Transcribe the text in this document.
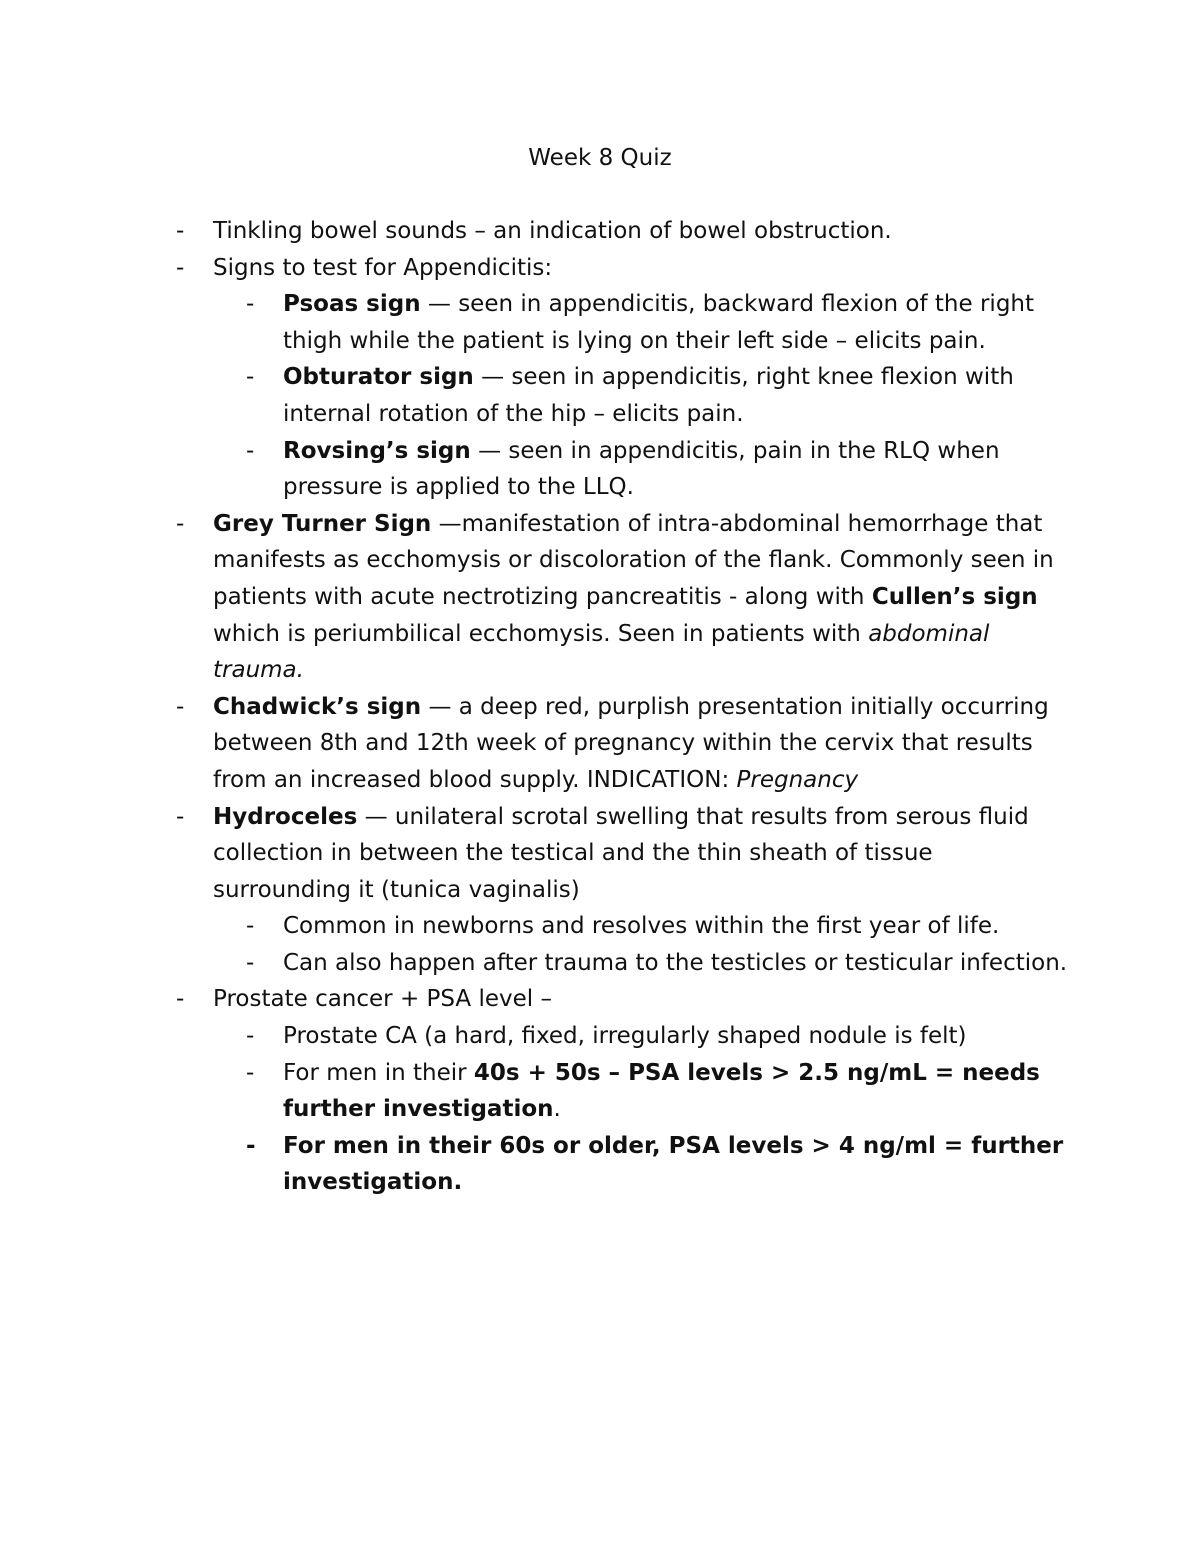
Week 8 Quiz
- Tinkling bowel sounds – an indication of bowel obstruction.
- Signs to test for Appendicitis:
- Psoas sign — seen in appendicitis, backward flexion of the right thigh while the patient is lying on their left side – elicits pain.
- Obturator sign — seen in appendicitis, right knee flexion with internal rotation of the hip – elicits pain.
- Rovsing’s sign — seen in appendicitis, pain in the RLQ when pressure is applied to the LLQ.
- Grey Turner Sign —manifestation of intra-abdominal hemorrhage that manifests as ecchomysis or discoloration of the flank. Commonly seen in patients with acute nectrotizing pancreatitis - along with Cullen’s sign which is periumbilical ecchomysis. Seen in patients with abdominal trauma.
- Chadwick’s sign — a deep red, purplish presentation initially occurring between 8th and 12th week of pregnancy within the cervix that results from an increased blood supply. INDICATION: Pregnancy
- Hydroceles — unilateral scrotal swelling that results from serous fluid collection in between the testical and the thin sheath of tissue surrounding it (tunica vaginalis)
- Common in newborns and resolves within the first year of life.
- Can also happen after trauma to the testicles or testicular infection.
- Prostate cancer + PSA level –
- Prostate CA (a hard, fixed, irregularly shaped nodule is felt)
- For men in their 40s + 50s – PSA levels > 2.5 ng/mL = needs further investigation.
- For men in their 60s or older, PSA levels > 4 ng/ml = further investigation.
